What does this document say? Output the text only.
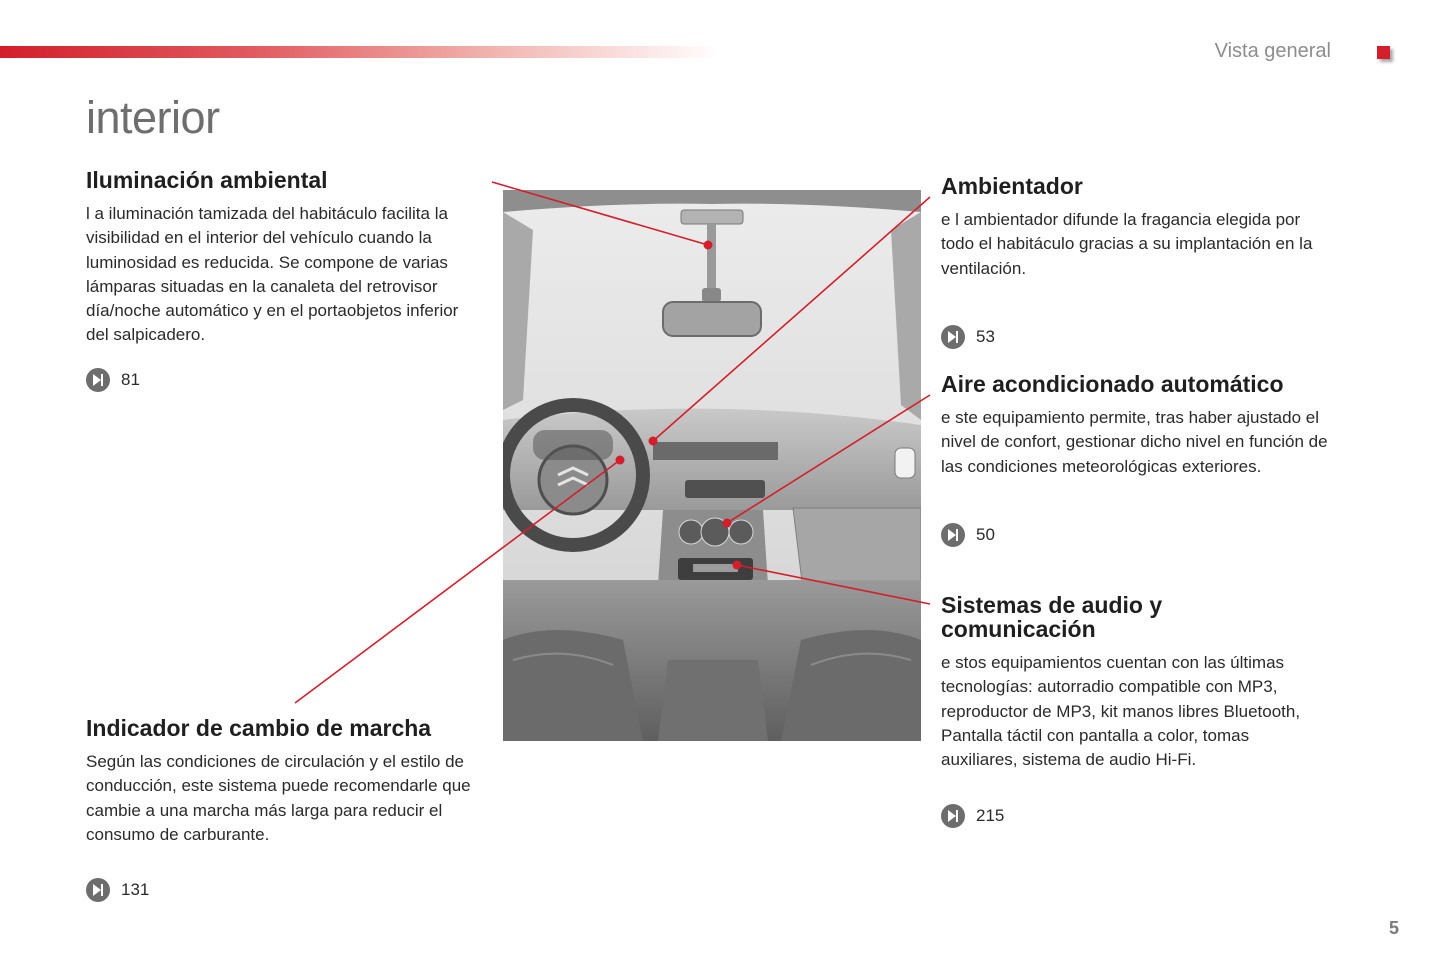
Vista general
interior
Iluminación ambiental

l a iluminación tamizada del habitáculo facilita la visibilidad en el interior del vehículo cuando la luminosidad es reducida. Se compone de varias lámparas situadas en la canaleta del retrovisor día/noche automático y en el portaobjetos inferior del salpicadero.

81
Indicador de cambio de marcha

Según las condiciones de circulación y el estilo de conducción, este sistema puede recomendarle que cambie a una marcha más larga para reducir el consumo de carburante.

131
Ambientador

e l ambientador difunde la fragancia elegida por todo el habitáculo gracias a su implantación en la ventilación.

53
Aire acondicionado automático

e ste equipamiento permite, tras haber ajustado el nivel de confort, gestionar dicho nivel en función de las condiciones meteorológicas exteriores.

50
Sistemas de audio y comunicación

e stos equipamientos cuentan con las últimas tecnologías: autorradio compatible con MP3, reproductor de MP3, kit manos libres Bluetooth, Pantalla táctil con pantalla a color, tomas auxiliares, sistema de audio Hi-Fi.

215
5
